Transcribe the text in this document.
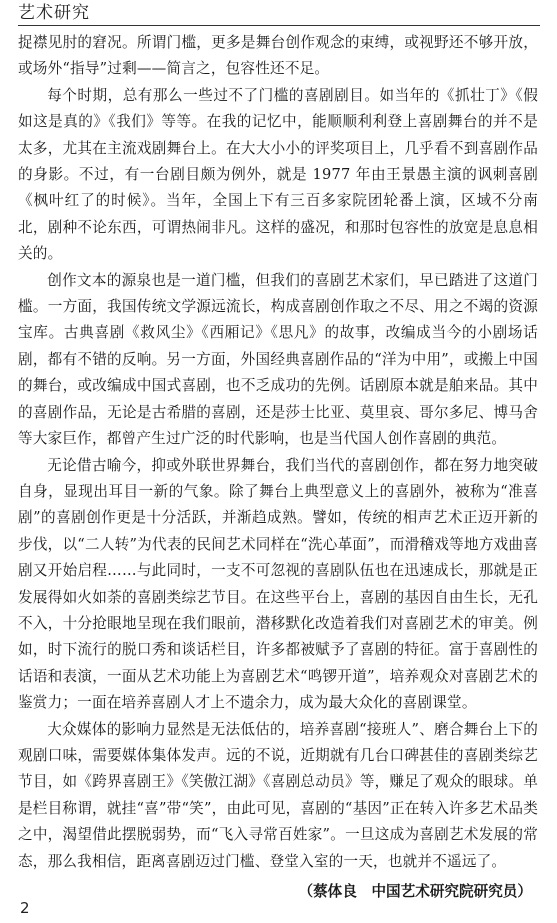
艺术研究

捉襟见肘的窘况。所谓门槛，更多是舞台创作观念的束缚，或视野还不够开放，或场外“指导”过剩——简言之，包容性还不足。

每个时期，总有那么一些过不了门槛的喜剧剧目。如当年的《抓壮丁》《假如这是真的》《我们》等等。在我的记忆中，能顺顺利利登上喜剧舞台的并不是太多，尤其在主流戏剧舞台上。在大大小小的评奖项目上，几乎看不到喜剧作品的身影。不过，有一台剧目颇为例外，就是 1977 年由王景愚主演的讽刺喜剧《枫叶红了的时候》。当年，全国上下有三百多家院团轮番上演，区域不分南北，剧种不论东西，可谓热闹非凡。这样的盛况，和那时包容性的放宽是息息相关的。

创作文本的源泉也是一道门槛，但我们的喜剧艺术家们，早已踏进了这道门槛。一方面，我国传统文学源远流长，构成喜剧创作取之不尽、用之不竭的资源宝库。古典喜剧《救风尘》《西厢记》《思凡》的故事，改编成当今的小剧场话剧，都有不错的反响。另一方面，外国经典喜剧作品的“洋为中用”，或搬上中国的舞台，或改编成中国式喜剧，也不乏成功的先例。话剧原本就是舶来品。其中的喜剧作品，无论是古希腊的喜剧，还是莎士比亚、莫里哀、哥尔多尼、博马舍等大家巨作，都曾产生过广泛的时代影响，也是当代国人创作喜剧的典范。

无论借古喻今，抑或外联世界舞台，我们当代的喜剧创作，都在努力地突破自身，显现出耳目一新的气象。除了舞台上典型意义上的喜剧外，被称为“准喜剧”的喜剧创作更是十分活跃，并渐趋成熟。譬如，传统的相声艺术正迈开新的步伐，以“二人转”为代表的民间艺术同样在“洗心革面”，而滑稽戏等地方戏曲喜剧又开始启程……与此同时，一支不可忽视的喜剧队伍也在迅速成长，那就是正发展得如火如荼的喜剧类综艺节目。在这些平台上，喜剧的基因自由生长，无孔不入，十分抢眼地呈现在我们眼前，潜移默化改造着我们对喜剧艺术的审美。例如，时下流行的脱口秀和谈话栏目，许多都被赋予了喜剧的特征。富于喜剧性的话语和表演，一面从艺术功能上为喜剧艺术“鸣锣开道”，培养观众对喜剧艺术的鉴赏力；一面在培养喜剧人才上不遗余力，成为最大众化的喜剧课堂。

大众媒体的影响力显然是无法低估的，培养喜剧“接班人”、磨合舞台上下的观剧口味，需要媒体集体发声。远的不说，近期就有几台口碑甚佳的喜剧类综艺节目，如《跨界喜剧王》《笑傲江湖》《喜剧总动员》等，赚足了观众的眼球。单是栏目称谓，就挂“喜”带“笑”，由此可见，喜剧的“基因”正在转入许多艺术品类之中，渴望借此摆脱弱势，而“飞入寻常百姓家”。一旦这成为喜剧艺术发展的常态，那么我相信，距离喜剧迈过门槛、登堂入室的一天，也就并不遥远了。

（蔡体良　中国艺术研究院研究员）
2
